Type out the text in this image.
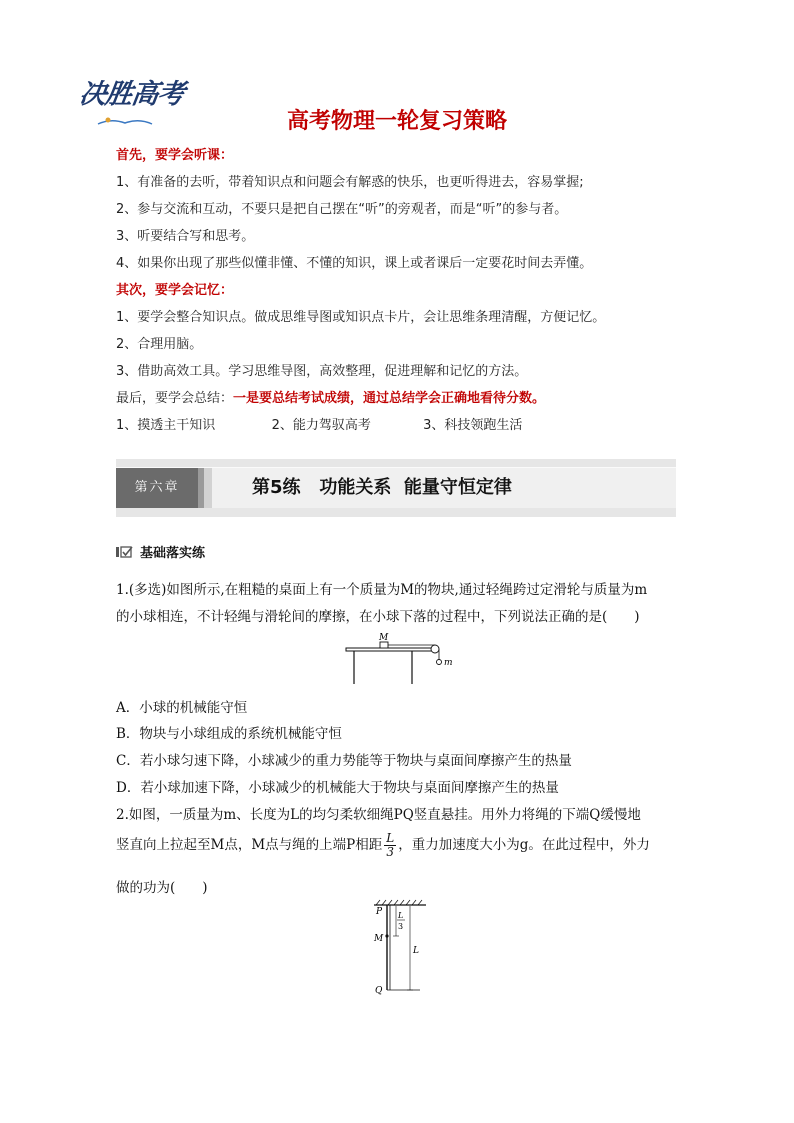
决胜高考
高考物理一轮复习策略
首先，要学会听课：
1、有准备的去听，带着知识点和问题会有解惑的快乐，也更听得进去，容易掌握;
2、参与交流和互动，不要只是把自己摆在“听”的旁观者，而是“听”的参与者。
3、听要结合写和思考。
4、如果你出现了那些似懂非懂、不懂的知识，课上或者课后一定要花时间去弄懂。
其次，要学会记忆：
1、要学会整合知识点。做成思维导图或知识点卡片，会让思维条理清醒，方便记忆。
2、合理用脑。
3、借助高效工具。学习思维导图，高效整理，促进理解和记忆的方法。
最后，要学会总结：一是要总结考试成绩，通过总结学会正确地看待分数。
1、摸透主干知识	2、能力驾驭高考	3、科技领跑生活
第六章	第5练   功能关系  能量守恒定律
基础落实练
1.(多选)如图所示,在粗糙的桌面上有一个质量为M的物块,通过轻绳跨过定滑轮与质量为m
的小球相连，不计轻绳与滑轮间的摩擦，在小球下落的过程中，下列说法正确的是(　　)
M
m
A．小球的机械能守恒
B．物块与小球组成的系统机械能守恒
C．若小球匀速下降，小球减少的重力势能等于物块与桌面间摩擦产生的热量
D．若小球加速下降，小球减少的机械能大于物块与桌面间摩擦产生的热量
2.如图，一质量为m、长度为L的均匀柔软细绳PQ竖直悬挂。用外力将绳的下端Q缓慢地
竖直向上拉起至M点，M点与绳的上端P相距 $\frac{L}{3}$ ，重力加速度大小为g。在此过程中，外力
做的功为(　　)
P
M
Q
L
3
L
